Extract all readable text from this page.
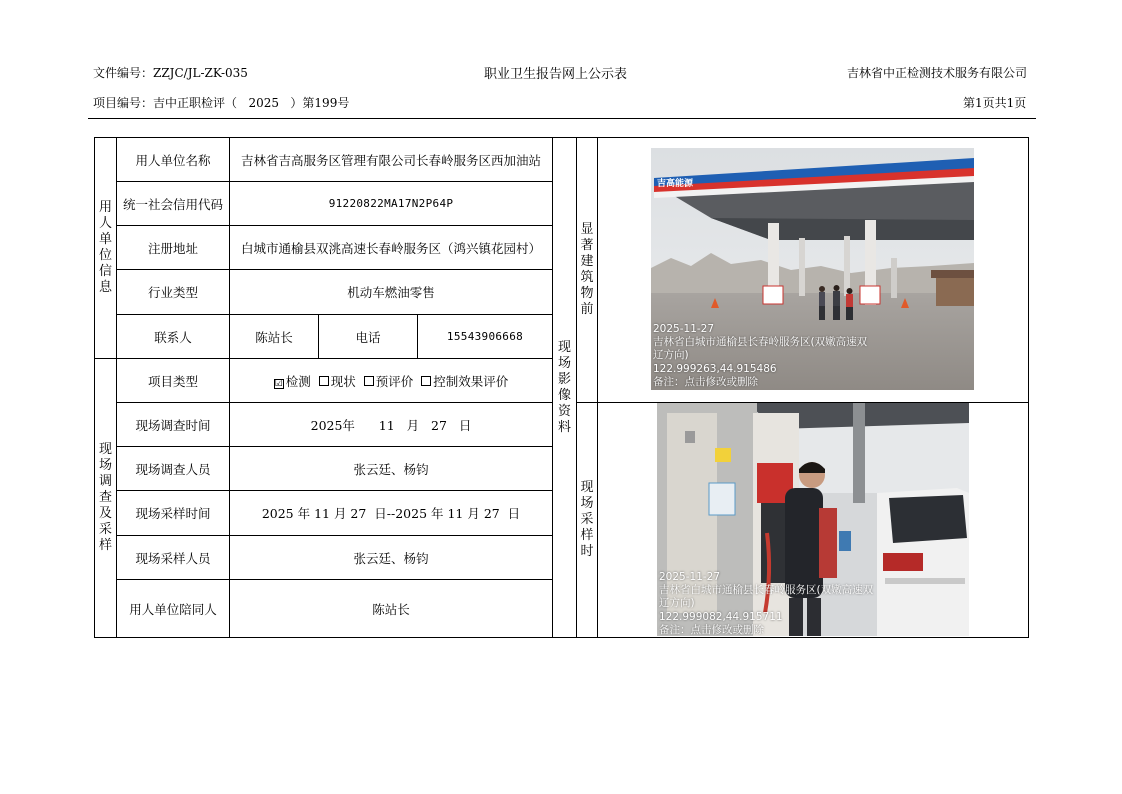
文件编号：ZZJC/JL-ZK-035	职业卫生报告网上公示表	吉林省中正检测技术服务有限公司
项目编号：吉中正职检评（   2025   ）第199号	第1页共1页
用
人
单
位
信
息
现
场
调
查
及
采
样
用人单位名称	吉林省吉高服务区管理有限公司长春岭服务区西加油站
统一社会信用代码	91220822MA17N2P64P
注册地址	白城市通榆县双洮高速长春岭服务区（鸿兴镇花园村）
行业类型	机动车燃油零售
联系人	陈站长	电话	15543906668
项目类型	☑ 检测	现状	预评价	控制效果评价
现场调查时间	2025年      11   月   27   日
现场调查人员	张云廷、杨钧
现场采样时间	2025 年 11 月 27  日--2025 年 11 月 27  日
现场采样人员	张云廷、杨钧
用人单位陪同人	陈站长
现
场
影
像
资
料
显
著
建
筑
物
前
现
场
采
样
时
吉高能源
2025-11-27
吉林省白城市通榆县长春岭服务区(双嫩高速双
辽方向)
122.999263,44.915486
备注：点击修改或删除
2025-11-27
吉林省白城市通榆县长春岭服务区(双嫩高速双
辽方向)
122.999082,44.915711
备注：点击修改或删除
